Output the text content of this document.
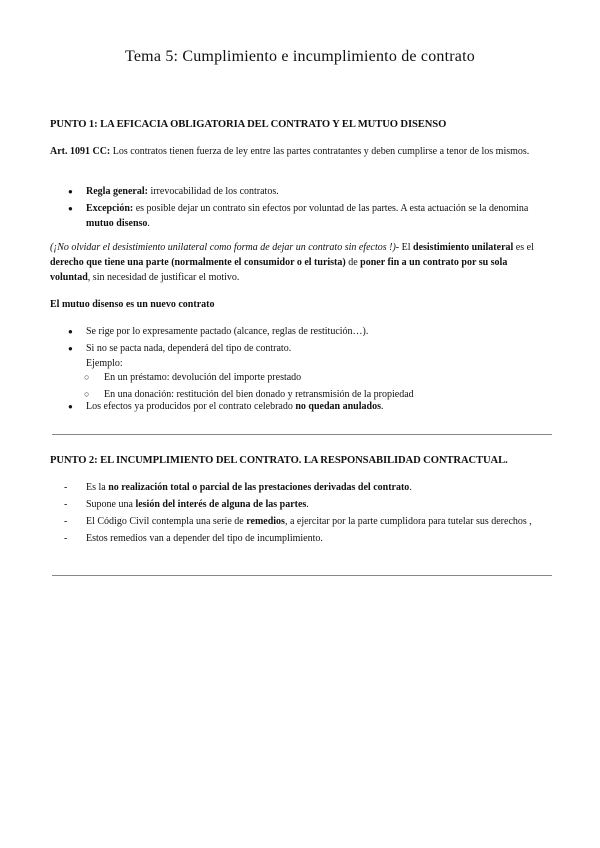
Tema 5: Cumplimiento e incumplimiento de contrato
PUNTO 1: LA EFICACIA OBLIGATORIA DEL CONTRATO Y EL MUTUO DISENSO
Art. 1091 CC: Los contratos tienen fuerza de ley entre las partes contratantes y deben cumplirse a tenor de los mismos.
● Regla general: irrevocabilidad de los contratos.
● Excepción: es posible dejar un contrato sin efectos por voluntad de las partes. A esta actuación se la denomina mutuo disenso.
(¡No olvidar el desistimiento unilateral como forma de dejar un contrato sin efectos !)- El desistimiento unilateral es el derecho que tiene una parte (normalmente el consumidor o el turista) de poner fin a un contrato por su sola voluntad, sin necesidad de justificar el motivo.
El mutuo disenso es un nuevo contrato
● Se rige por lo expresamente pactado (alcance, reglas de restitución…).
● Si no se pacta nada, dependerá del tipo de contrato.
Ejemplo:
○ En un préstamo: devolución del importe prestado
○ En una donación: restitución del bien donado y retransmisión de la propiedad
● Los efectos ya producidos por el contrato celebrado no quedan anulados.
PUNTO 2: EL INCUMPLIMIENTO DEL CONTRATO. LA RESPONSABILIDAD CONTRACTUAL.
- Es la no realización total o parcial de las prestaciones derivadas del contrato.
- Supone una lesión del interés de alguna de las partes.
- El Código Civil contempla una serie de remedios, a ejercitar por la parte cumplidora para tutelar sus derechos ,
- Estos remedios van a depender del tipo de incumplimiento.
